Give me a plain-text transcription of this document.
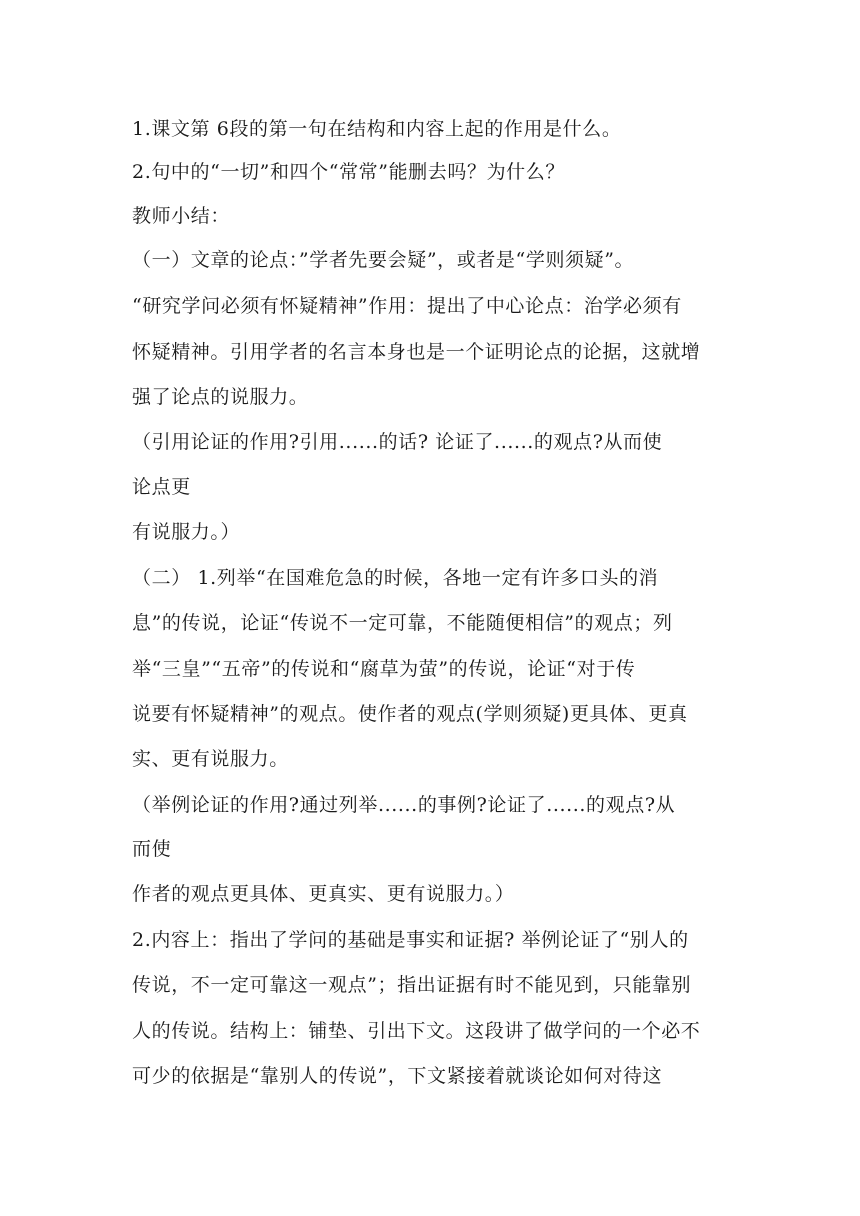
1.课文第 6段的第一句在结构和内容上起的作用是什么。

2.句中的“一切”和四个“常常”能删去吗？为什么？

教师小结：

（一）文章的论点：”学者先要会疑”，或者是“学则须疑”。

“研究学问必须有怀疑精神”作用：提出了中心论点：治学必须有

怀疑精神。引用学者的名言本身也是一个证明论点的论据，这就增

强了论点的说服力。

（引用论证的作用?引用......的话? 论证了......的观点?从而使

论点更

有说服力。）

（二） 1.列举“在国难危急的时候，各地一定有许多口头的消

息”的传说，论证“传说不一定可靠，不能随便相信”的观点；列

举“三皇”“五帝”的传说和“腐草为萤”的传说，论证“对于传

说要有怀疑精神”的观点。使作者的观点(学则须疑)更具体、更真

实、更有说服力。

（举例论证的作用?通过列举......的事例?论证了......的观点?从

而使

作者的观点更具体、更真实、更有说服力。）

2.内容上：指出了学问的基础是事实和证据? 举例论证了“别人的

传说，不一定可靠这一观点”；指出证据有时不能见到，只能靠别

人的传说。结构上：铺垫、引出下文。这段讲了做学问的一个必不

可少的依据是“靠别人的传说”，下文紧接着就谈论如何对待这
